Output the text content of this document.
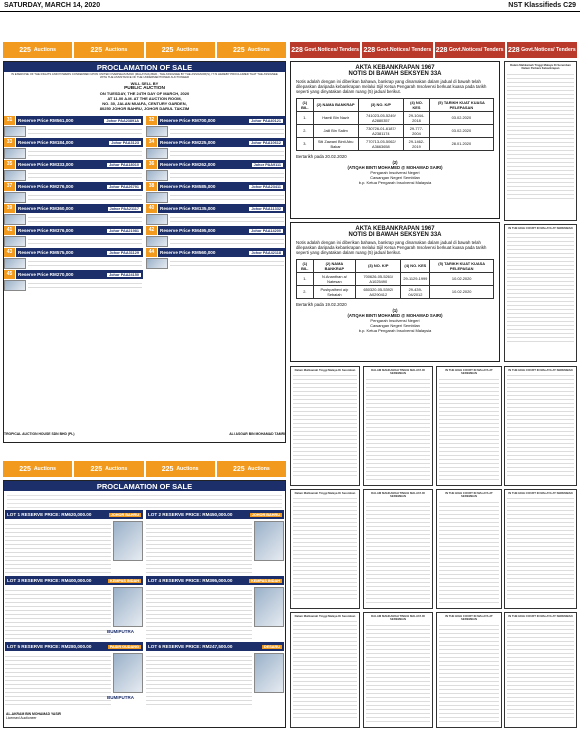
SATURDAY, MARCH 14, 2020	NST Klassifieds C29
225
Auctions	225
Auctions	225
Auctions	225
Auctions	228
Govt.Notices/ Tenders 228
Govt.Notices/ Tenders 228
Govt.Notices/ Tenders 228
Govt.Notices/ Tenders
PROCLAMATION OF SALE
IN EXERCISE OF THE RIGHTS AND POWERS CONFERRED UPON UNITED OVERSEAS BANK (MALAYSIA) BHD., THE ASSIGNEE BY THE ASSIGNOR(S), IT IS HEREBY PROCLAIMED THAT THE ASSIGNEE WITH THE ASSISTANCE OF THE UNDERMENTIONED AUCTIONEER
WILL SELL BY
PUBLIC AUCTION
ON TUESDAY, THE 24TH DAY OF MARCH, 2020
AT 11.00 A.M. AT THE AUCTION ROOM,
NO. 30, JALAN MUAFA, CENTURY GARDEN,
80250 JOHOR BAHRU, JOHOR DARUL TAKZIM
31	Reserve Price RM561,000	Johor PAA23891A	32	Reserve Price RM700,000	Johor PAA40121
33	Reserve Price RM184,000	Johor PAA3123	34	Reserve Price RM225,000	Johor PAA10612
35	Reserve Price RM333,000	Johor PAA18010	36	Reserve Price RM262,000	Johor PAA9111
37	Reserve Price RM276,000	Johor PAA26791	38	Reserve Price RM585,000	Johor PAA23411
39	Reserve Price RM360,000	Johor PAA21117	40	Reserve Price RM135,000	Johor PAA11332
41	Reserve Price RM376,000	Johor PAA21981	42	Reserve Price RM495,000	Johor PAA14200
43	Reserve Price RM575,000	Johor PAA31129	44	Reserve Price RM560,000	Johor PAA42118
45	Reserve Price RM270,000	Johor PAA24150
TROPICAL AUCTION HOUSE SDN BHD (PL)	ALI ASGAR BIN MOHAMAD TAMRI
AKTA KEBANKRAPAN 1967
NOTIS DI BAWAH SEKSYEN 33A
Notis adalah dengan ini diberikan bahawa, bankrap yang dinamakan dalam jadual di bawah telah dilepaskan daripada kebankrapan melalui Sijil Ketua Pengarah Insolvensi berkuat kuasa pada tarikh seperti yang dinyatakan dalam ruang (5) jadual berikut.
(1) BIL.	(2) NAMA BANKRAP	(3) NO. K/P	(4) NO. KES	(5) TARIKH KUAT KUASA PELEPASAN
1.	Hamli Bin Nazir	741023-05-5249/ A2880357	29-1044-2018	03.02.2020
2.	Jalil Bin Salim	730726-01-6187/ A2381174	29-777-2004	03.02.2020
3.	Siti Zawani Binti Abu Bakar	770713-05-5062/ A3663658	29-1462-2019	28.01.2020
Bertarikh pada 20.02.2020
(2)
(ATIQAH BINTI MOHAMED @ MOHAMAD SAIRI)
Pengarah Insolvensi Negeri
Cawangan Negeri Sembilan
b.p. Ketua Pengarah Insolvensi Malaysia
AKTA KEBANKRAPAN 1967
NOTIS DI BAWAH SEKSYEN 33A
Notis adalah dengan ini diberikan bahawa, bankrap yang dinamakan dalam jadual di bawah telah dilepaskan daripada kebankrapan melalui Sijil Ketua Pengarah Insolvensi berkuat kuasa pada tarikh seperti yang dinyatakan dalam ruang (5) jadual berikut.
(1) BIL.	(2) NAMA BANKRAP	(3) NO. K/P	(4) NO. KES	(5) TARIKH KUAT KUASA PELEPASAN
1.	N.Ananthan a/ Natesan	700626-05-5261/ A1025490	29-1129-1999	10.02.2020
2.	Pushpathevi a/p Sebaiah	650320-05-5392/ A0290412	29-439-04/2012	10.02.2020
Bertarikh pada 19.02.2020
(1)
(ATIQAH BINTI MOHAMED @ MOHAMAD SAIRI)
Pengarah Insolvensi Negeri
Cawangan Negeri Sembilan
b.p. Ketua Pengarah Insolvensi Malaysia
Dalam Mahkamah Tinggi Malaya Di Seremban
Dalam Perkara Kebankrapan
IN THE HIGH COURT IN MALAYA AT SEREMBAN
Dalam Mahkamah Tinggi Malaya Di Seremban	DALAM MAHKAMAH TINGGI MALAYA DI SEREMBAN
IN THE HIGH COURT IN MALAYA AT SEREMBAN
IN THE HIGH COURT IN MALAYA AT SEREMBAN
Dalam Mahkamah Tinggi Malaya Di Seremban	DALAM MAHKAMAH TINGGI MALAYA DI SEREMBAN
IN THE HIGH COURT IN MALAYA AT SEREMBAN
IN THE HIGH COURT IN MALAYA AT SEREMBAN
Dalam Mahkamah Tinggi Malaya Di Seremban	DALAM MAHKAMAH TINGGI MALAYA DI SEREMBAN
IN THE HIGH COURT IN MALAYA AT SEREMBAN
IN THE HIGH COURT IN MALAYA AT SEREMBAN
225
Auctions	225
Auctions	225
Auctions	225
Auctions
PROCLAMATION OF SALE
LOT 1 RESERVE PRICE: RM620,000.00	JOHOR BAHRU	LOT 2 RESERVE PRICE: RM450,000.00	JOHOR BAHRU
LOT 3 RESERVE PRICE: RM400,000.00	KEMPAS INDAH
BUMIPUTRA
LOT 4 RESERVE PRICE: RM395,000.00	KEMPAS INDAH
LOT 5 RESERVE PRICE: RM280,000.00	PASIR GUDANG
BUMIPUTRA
LOT 6 RESERVE PRICE: RM247,500.00	DESARU
AL-AKRAM BIN MOHAMAD YASIR
Licensed Auctioneer
